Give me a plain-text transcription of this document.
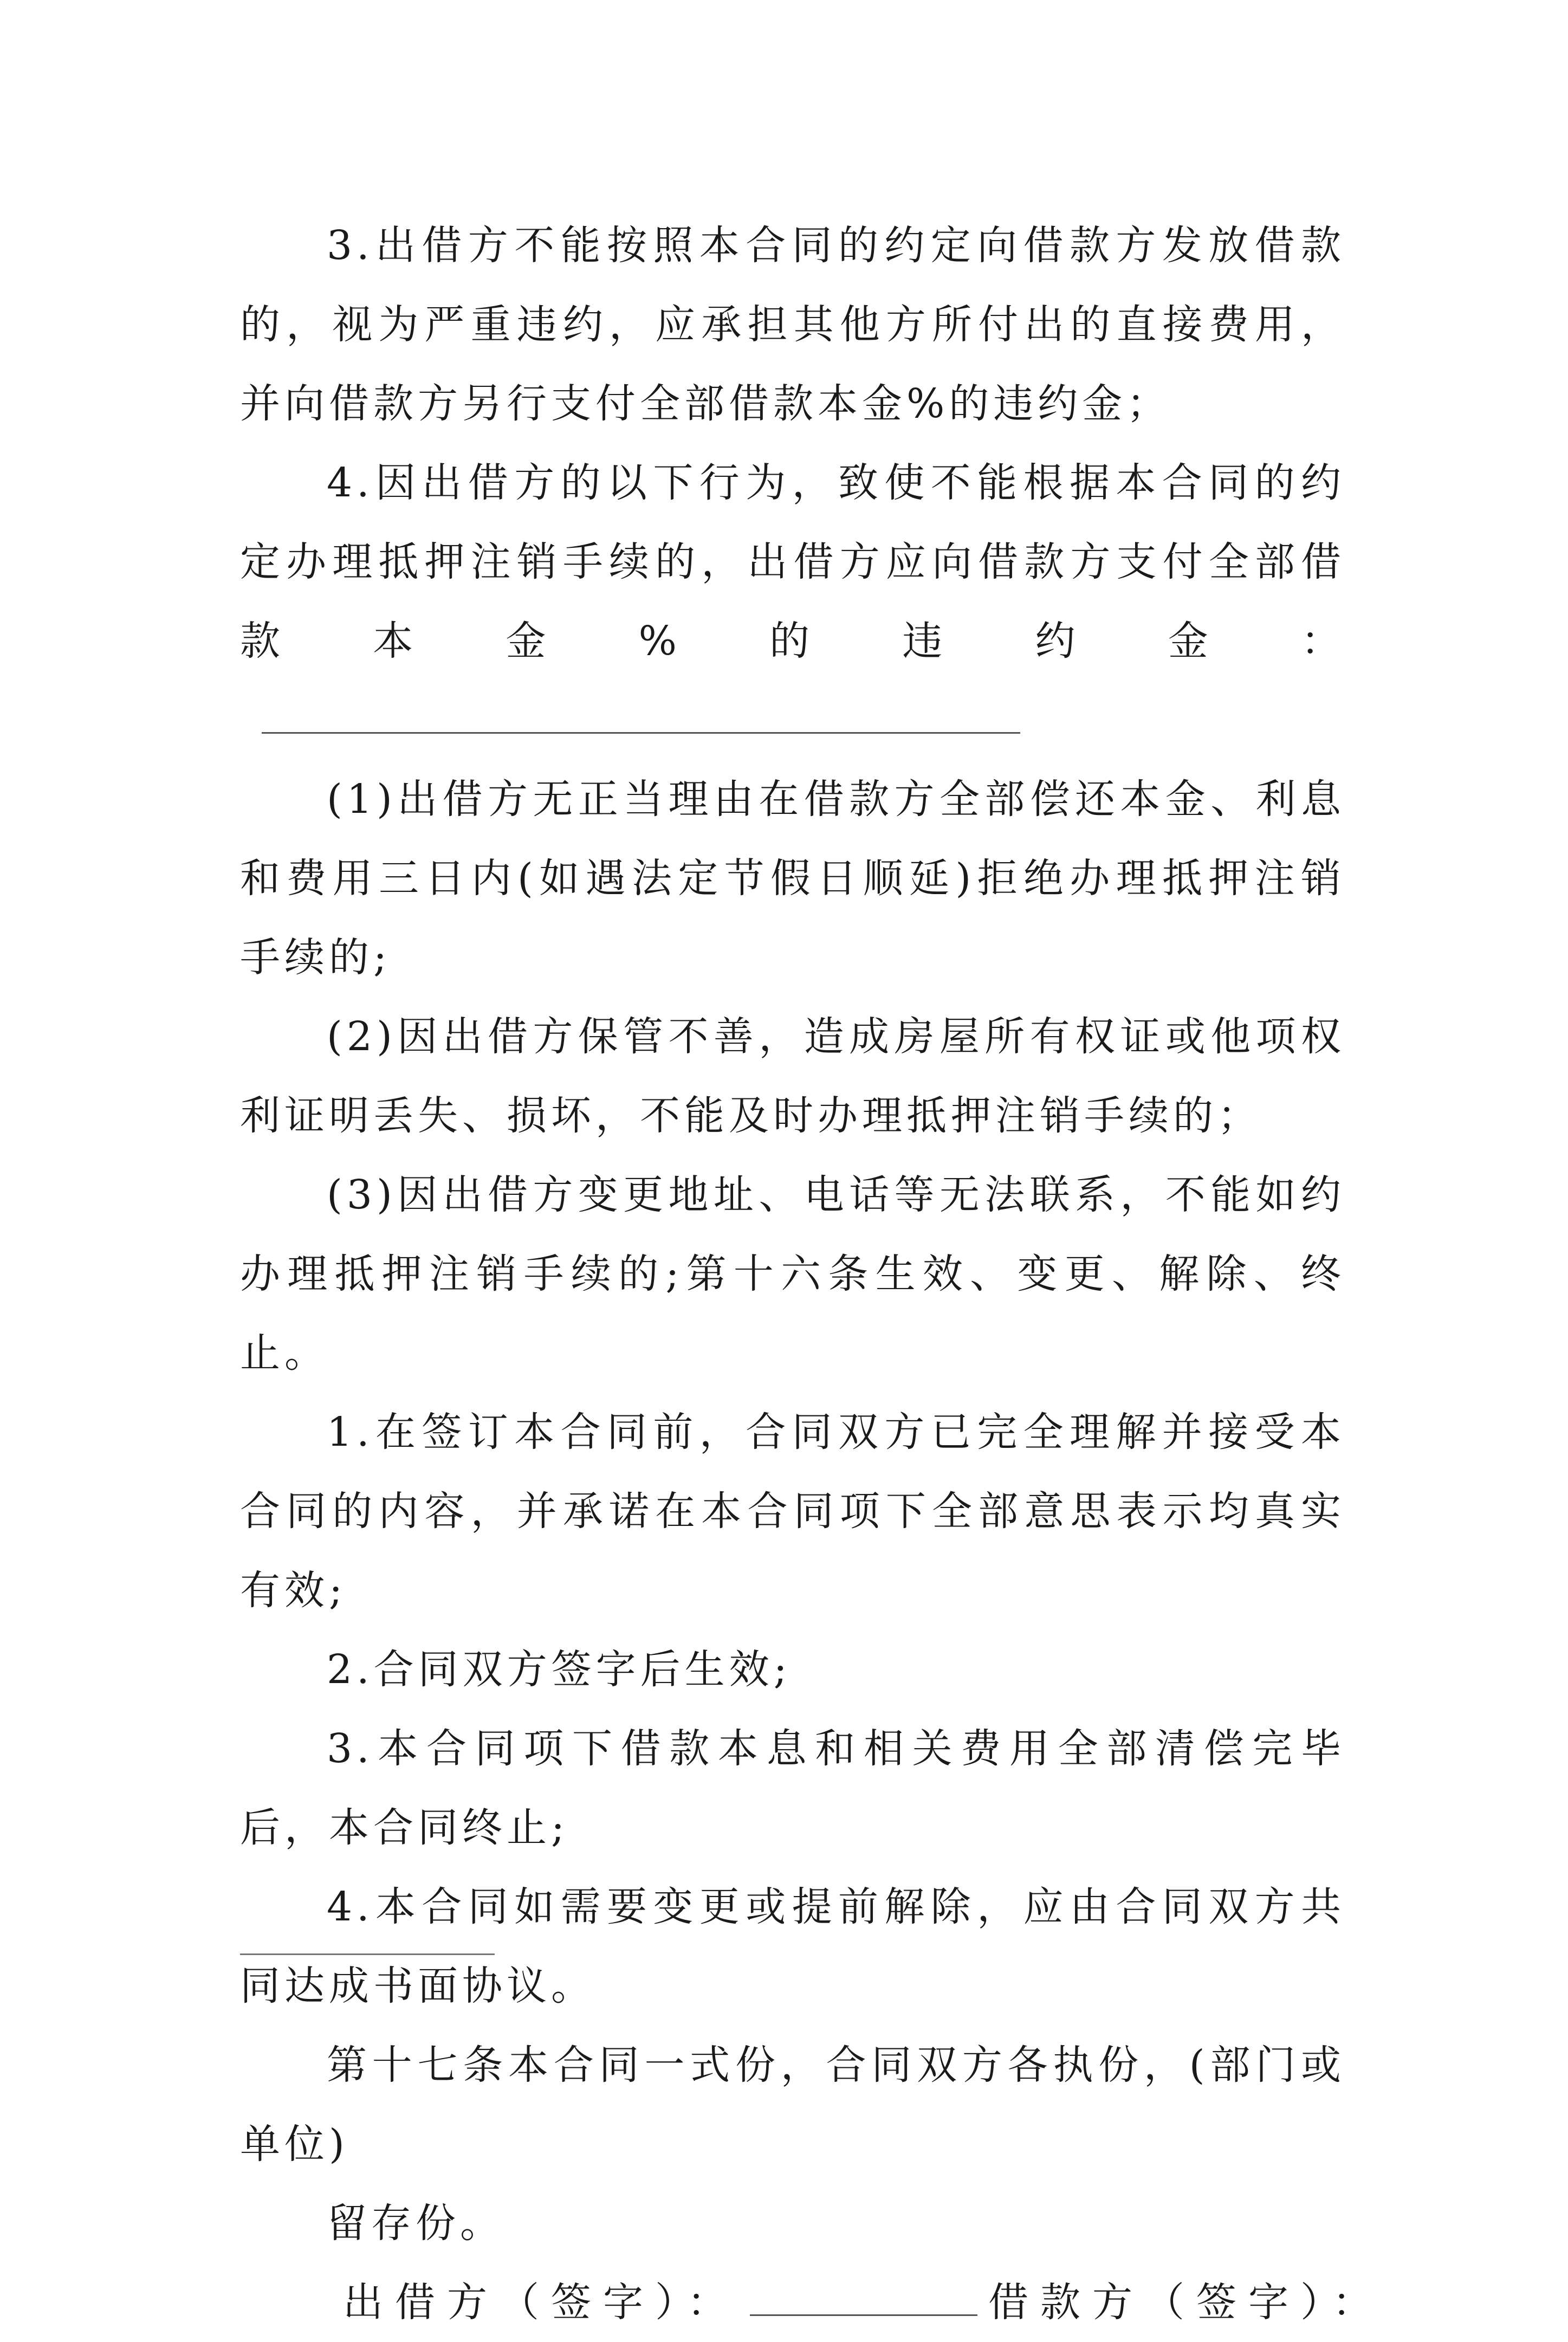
3.出借方不能按照本合同的约定向借款方发放借款的，视为严重违约，应承担其他方所付出的直接费用，并向借款方另行支付全部借款本金%的违约金；

4.因出借方的以下行为，致使不能根据本合同的约定办理抵押注销手续的，出借方应向借款方支付全部借款本金%的违约金：

(1)出借方无正当理由在借款方全部偿还本金、利息和费用三日内(如遇法定节假日顺延)拒绝办理抵押注销手续的;

(2)因出借方保管不善，造成房屋所有权证或他项权利证明丢失、损坏，不能及时办理抵押注销手续的；

(3)因出借方变更地址、电话等无法联系，不能如约办理抵押注销手续的;第十六条生效、变更、解除、终止。

1.在签订本合同前，合同双方已完全理解并接受本合同的内容，并承诺在本合同项下全部意思表示均真实有效;

2.合同双方签字后生效;

3.本合同项下借款本息和相关费用全部清偿完毕后，本合同终止;

4.本合同如需要变更或提前解除，应由合同双方共同达成书面协议。

第十七条本合同一式份，合同双方各执份，(部门或单位)

留存份。

出借方（签字）：	借款方（签字）：
